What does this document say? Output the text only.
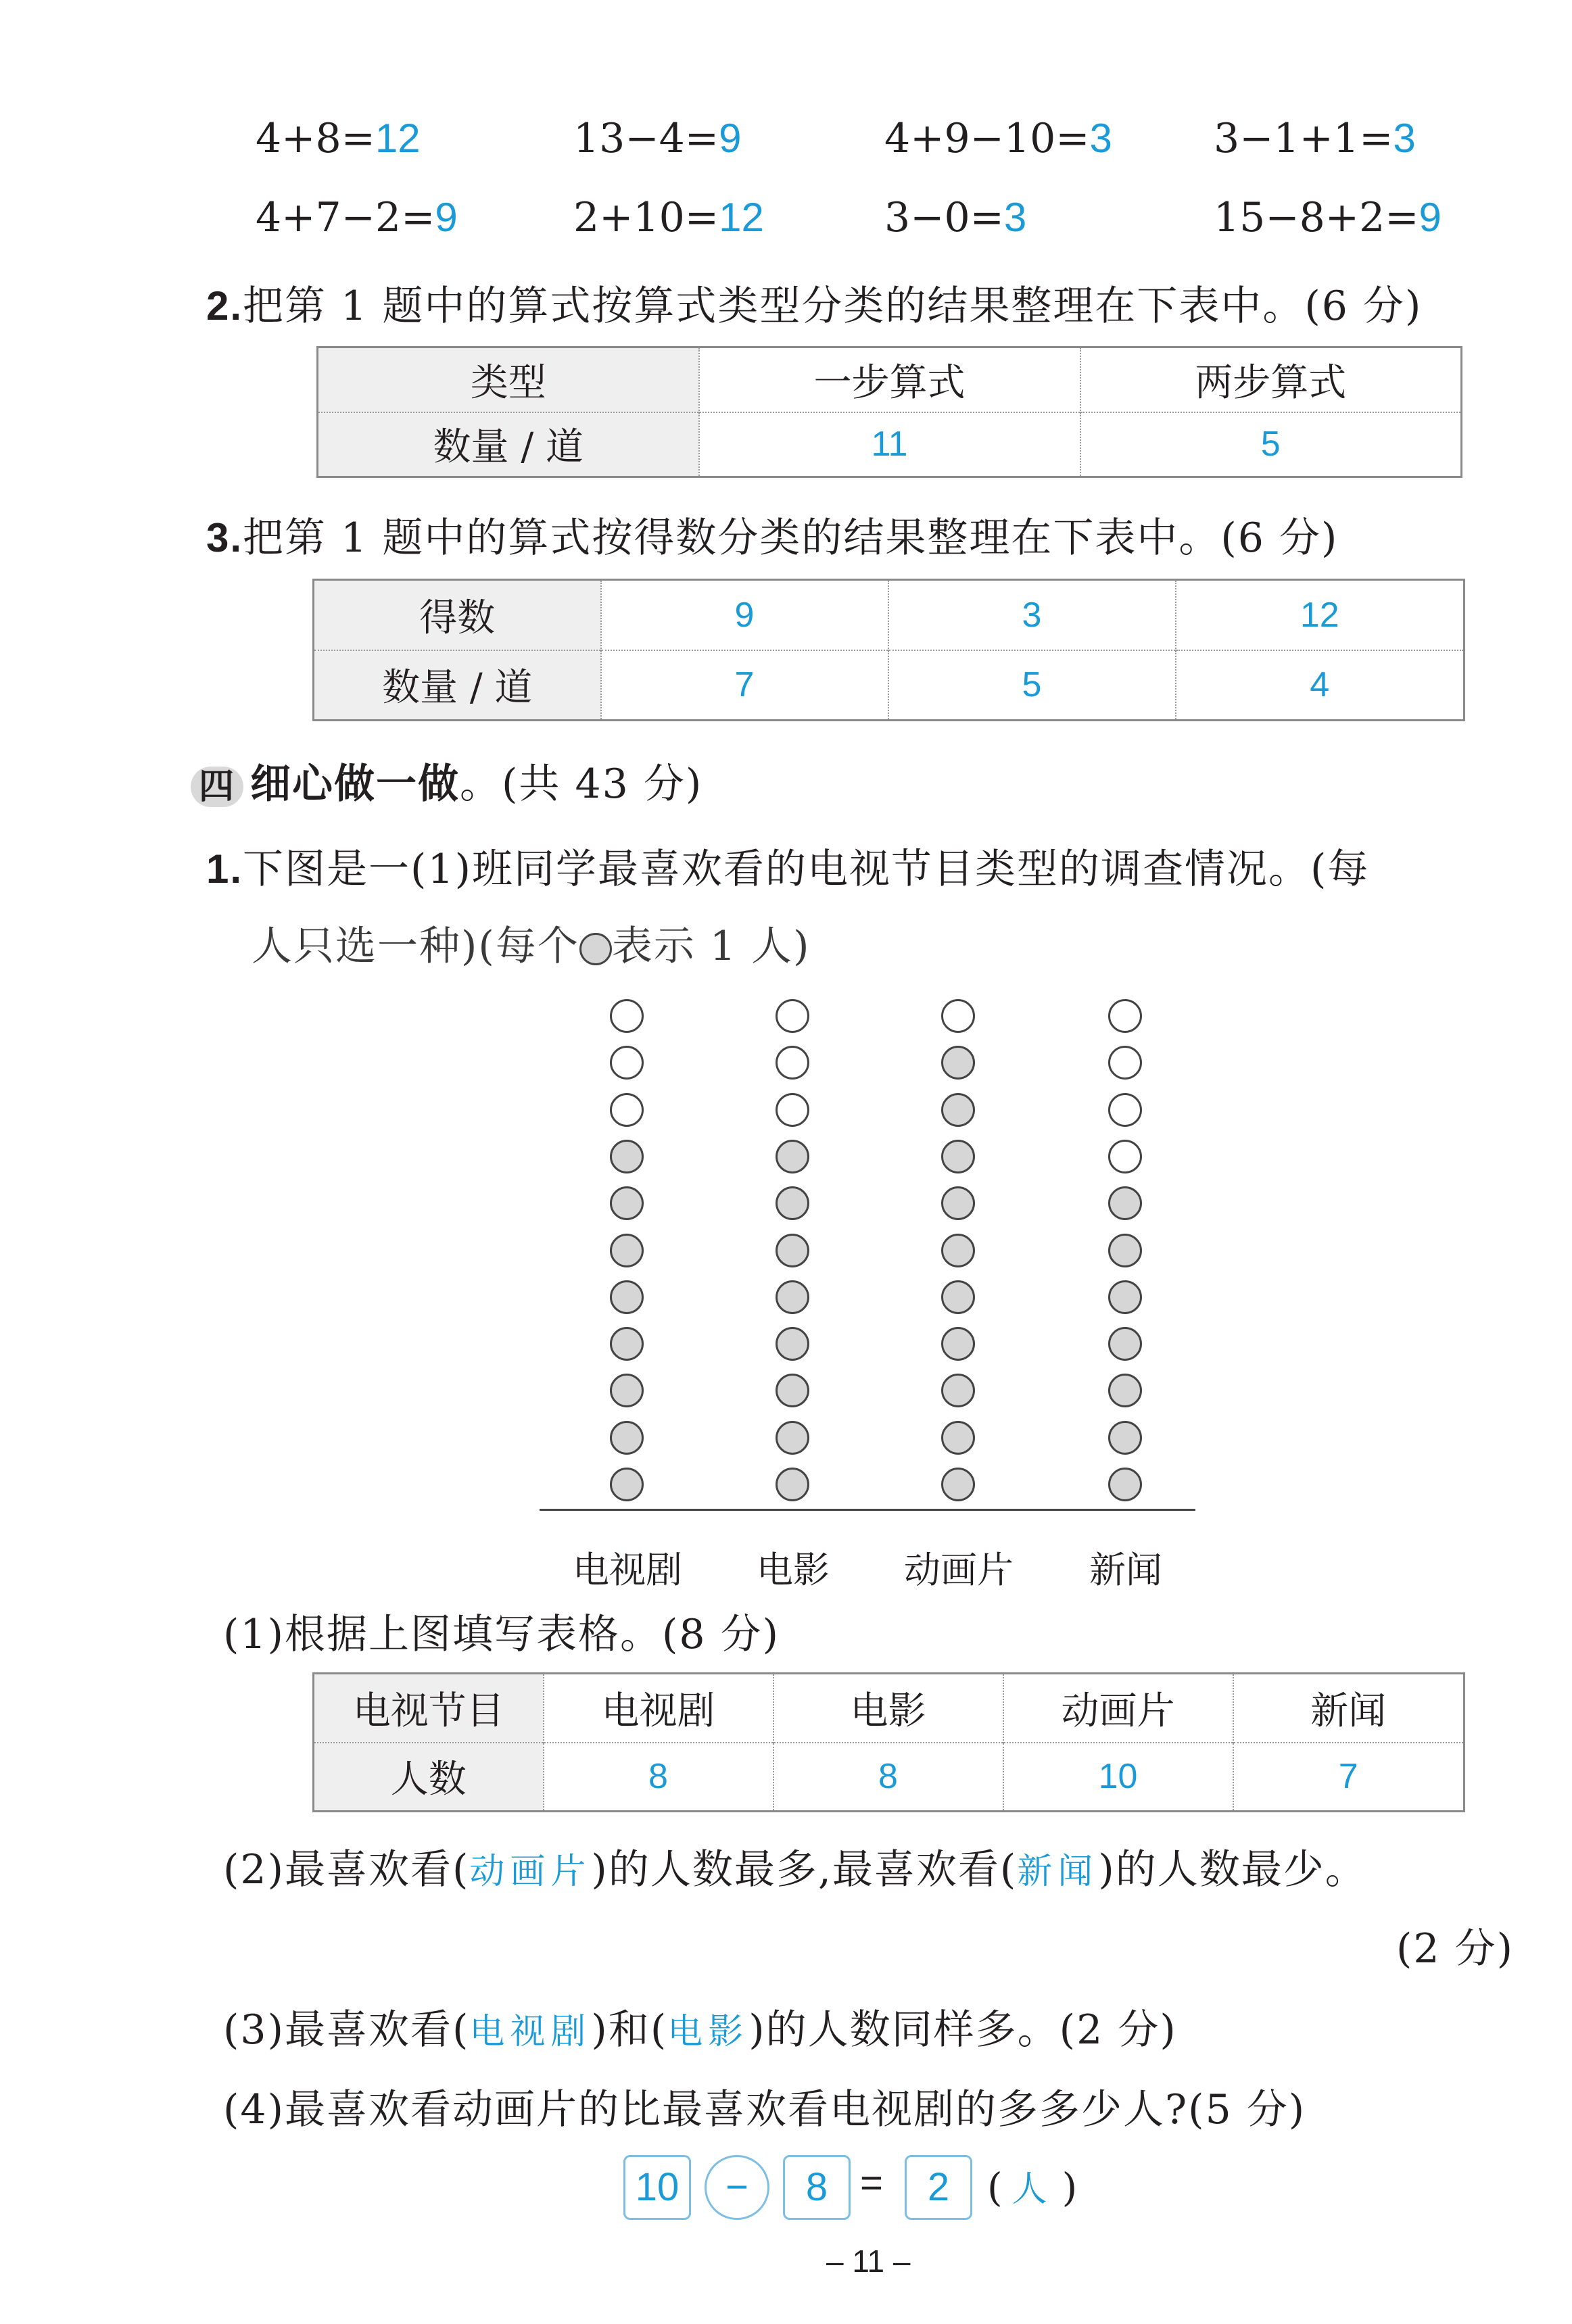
4+8=12	13−4=9	4+9−10=3	3−1+1=3
4+7−2=9	2+10=12	3−0=3	15−8+2=9
2.把第 1 题中的算式按算式类型分类的结果整理在下表中。(6 分)
类型	一步算式	两步算式
数量 / 道	11	5
3.把第 1 题中的算式按得数分类的结果整理在下表中。(6 分)
得数	9	3	12
数量 / 道	7	5	4
四 细心做一做。(共 43 分)
1.下图是一(1)班同学最喜欢看的电视节目类型的调查情况。(每
人只选一种)(每个 表示 1 人)
电视剧	电影	动画片	新闻
(1)根据上图填写表格。(8 分)
电视节目	电视剧	电影	动画片	新闻
人数	8	8	10	7
(2)最喜欢看(动画片)的人数最多,最喜欢看(新闻)的人数最少。
(2 分)
(3)最喜欢看(电视剧)和(电影)的人数同样多。(2 分)
(4)最喜欢看动画片的比最喜欢看电视剧的多多少人?(5 分)
10	−	8 =	2 ( 人 )
– 11 –
